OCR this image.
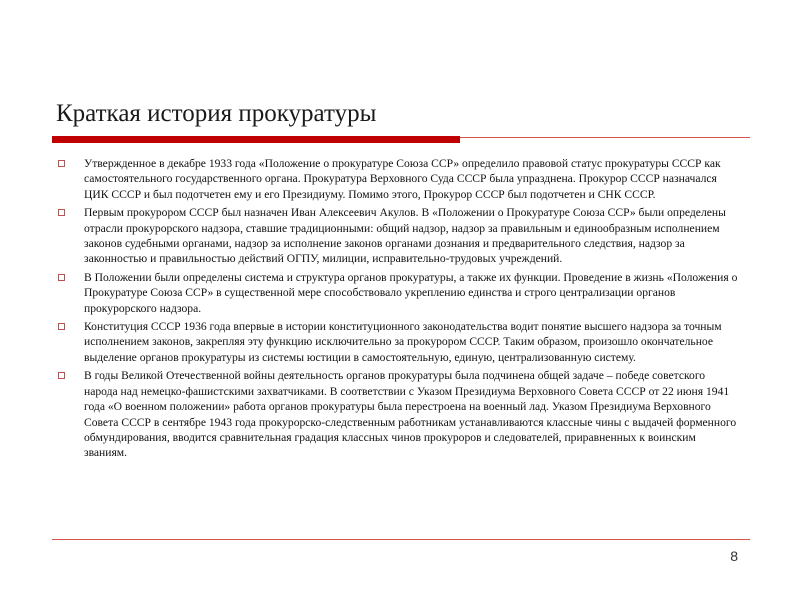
Краткая история прокуратуры
Утвержденное в декабре 1933 года «Положение о прокуратуре Союза ССР» определило правовой статус прокуратуры СССР как самостоятельного государственного органа. Прокуратура Верховного Суда СССР была упразднена. Прокурор СССР назначался ЦИК СССР и был подотчетен ему и его Президиуму. Помимо этого, Прокурор СССР был подотчетен и СНК СССР.
Первым прокурором СССР был назначен Иван Алексеевич Акулов. В «Положении о Прокуратуре Союза ССР» были определены отрасли прокурорского надзора, ставшие традиционными: общий надзор, надзор за правильным и единообразным исполнением законов судебными органами, надзор за исполнение законов органами дознания и предварительного следствия, надзор за законностью и правильностью действий ОГПУ, милиции, исправительно-трудовых учреждений.
В Положении были определены система и структура органов прокуратуры, а также их функции. Проведение в жизнь «Положения о Прокуратуре Союза ССР» в существенной мере способствовало укреплению единства и строго централизации органов прокурорского надзора.
Конституция СССР 1936 года впервые в истории конституционного законодательства водит понятие высшего надзора за точным исполнением законов, закрепляя эту функцию исключительно за прокурором СССР. Таким образом, произошло окончательное выделение органов прокуратуры из системы юстиции в самостоятельную, единую, централизованную систему.
В годы Великой Отечественной войны деятельность органов прокуратуры была подчинена общей задаче – победе советского народа над немецко-фашистскими захватчиками. В соответствии с Указом Президиума Верховного Совета СССР от 22 июня 1941 года «О военном положении» работа органов прокуратуры была перестроена на военный лад. Указом Президиума Верховного Совета СССР в сентябре 1943 года прокурорско-следственным работникам устанавливаются классные чины с выдачей форменного обмундирования, вводится сравнительная градация классных чинов прокуроров и следователей, приравненных к воинским званиям.
8
